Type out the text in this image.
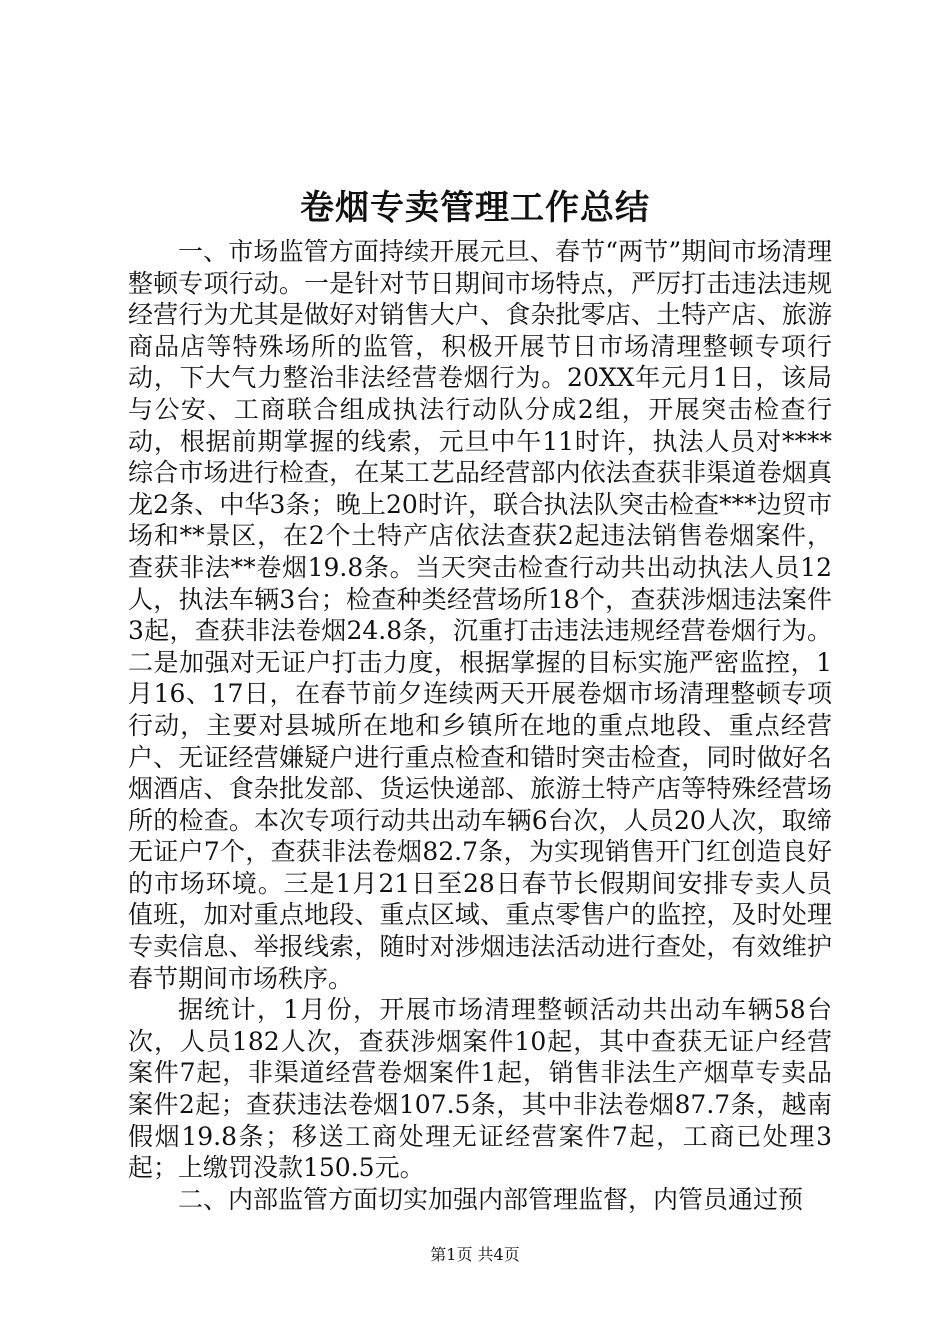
卷烟专卖管理工作总结

一、市场监管方面持续开展元旦、春节“两节”期间市场清理整顿专项行动。一是针对节日期间市场特点，严厉打击违法违规经营行为尤其是做好对销售大户、食杂批零店、土特产店、旅游商品店等特殊场所的监管，积极开展节日市场清理整顿专项行动，下大气力整治非法经营卷烟行为。20XX年元月1日，该局与公安、工商联合组成执法行动队分成2组，开展突击检查行动，根据前期掌握的线索，元旦中午11时许，执法人员对****综合市场进行检查，在某工艺品经营部内依法查获非渠道卷烟真龙2条、中华3条；晚上20时许，联合执法队突击检查***边贸市场和**景区，在2个土特产店依法查获2起违法销售卷烟案件，查获非法**卷烟19.8条。当天突击检查行动共出动执法人员12人，执法车辆3台；检查种类经营场所18个，查获涉烟违法案件3起，查获非法卷烟24.8条，沉重打击违法违规经营卷烟行为。二是加强对无证户打击力度，根据掌握的目标实施严密监控，1月16、17日，在春节前夕连续两天开展卷烟市场清理整顿专项行动，主要对县城所在地和乡镇所在地的重点地段、重点经营户、无证经营嫌疑户进行重点检查和错时突击检查，同时做好名烟酒店、食杂批发部、货运快递部、旅游土特产店等特殊经营场所的检查。本次专项行动共出动车辆6台次，人员20人次，取缔无证户7个，查获非法卷烟82.7条，为实现销售开门红创造良好的市场环境。三是1月21日至28日春节长假期间安排专卖人员值班，加对重点地段、重点区域、重点零售户的监控，及时处理专卖信息、举报线索，随时对涉烟违法活动进行查处，有效维护春节期间市场秩序。

据统计，1月份，开展市场清理整顿活动共出动车辆58台次，人员182人次，查获涉烟案件10起，其中查获无证户经营案件7起，非渠道经营卷烟案件1起，销售非法生产烟草专卖品案件2起；查获违法卷烟107.5条，其中非法卷烟87.7条，越南假烟19.8条；移送工商处理无证经营案件7起，工商已处理3起；上缴罚没款150.5元。

二、内部监管方面切实加强内部管理监督，内管员通过预

第1页 共4页
